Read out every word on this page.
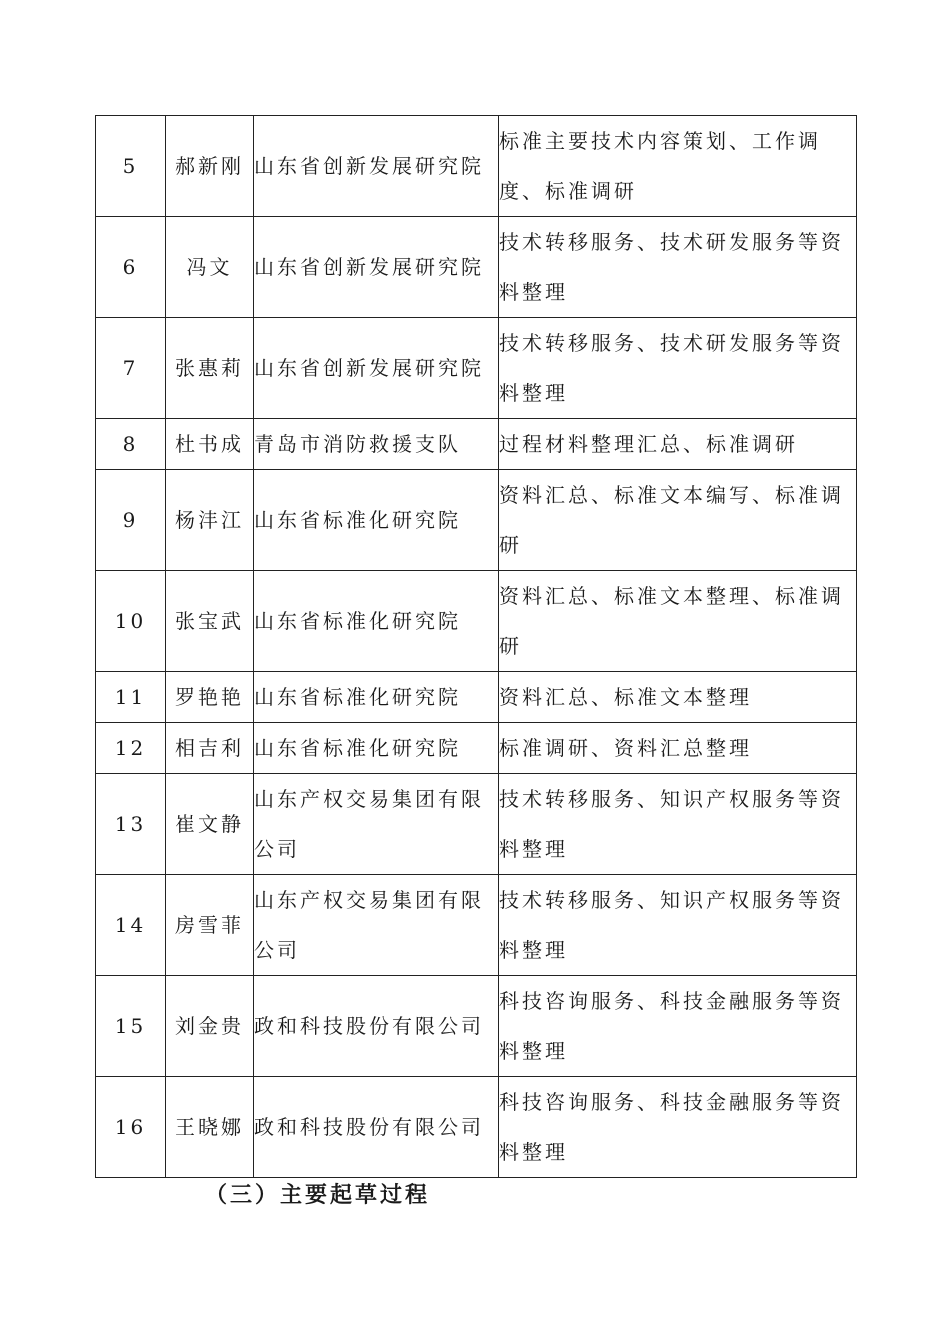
5	郝新刚	山东省创新发展研究院	标准主要技术内容策划、工作调度、标准调研
6	冯文	山东省创新发展研究院	技术转移服务、技术研发服务等资料整理
7	张惠莉	山东省创新发展研究院	技术转移服务、技术研发服务等资料整理
8	杜书成	青岛市消防救援支队	过程材料整理汇总、标准调研
9	杨沣江	山东省标准化研究院	资料汇总、标准文本编写、标准调研
10	张宝武	山东省标准化研究院	资料汇总、标准文本整理、标准调研
11	罗艳艳	山东省标准化研究院	资料汇总、标准文本整理
12	相吉利	山东省标准化研究院	标准调研、资料汇总整理
13	崔文静	山东产权交易集团有限公司	技术转移服务、知识产权服务等资料整理
14	房雪菲	山东产权交易集团有限公司	技术转移服务、知识产权服务等资料整理
15	刘金贵	政和科技股份有限公司	科技咨询服务、科技金融服务等资料整理
16	王晓娜	政和科技股份有限公司	科技咨询服务、科技金融服务等资料整理
（三）主要起草过程
